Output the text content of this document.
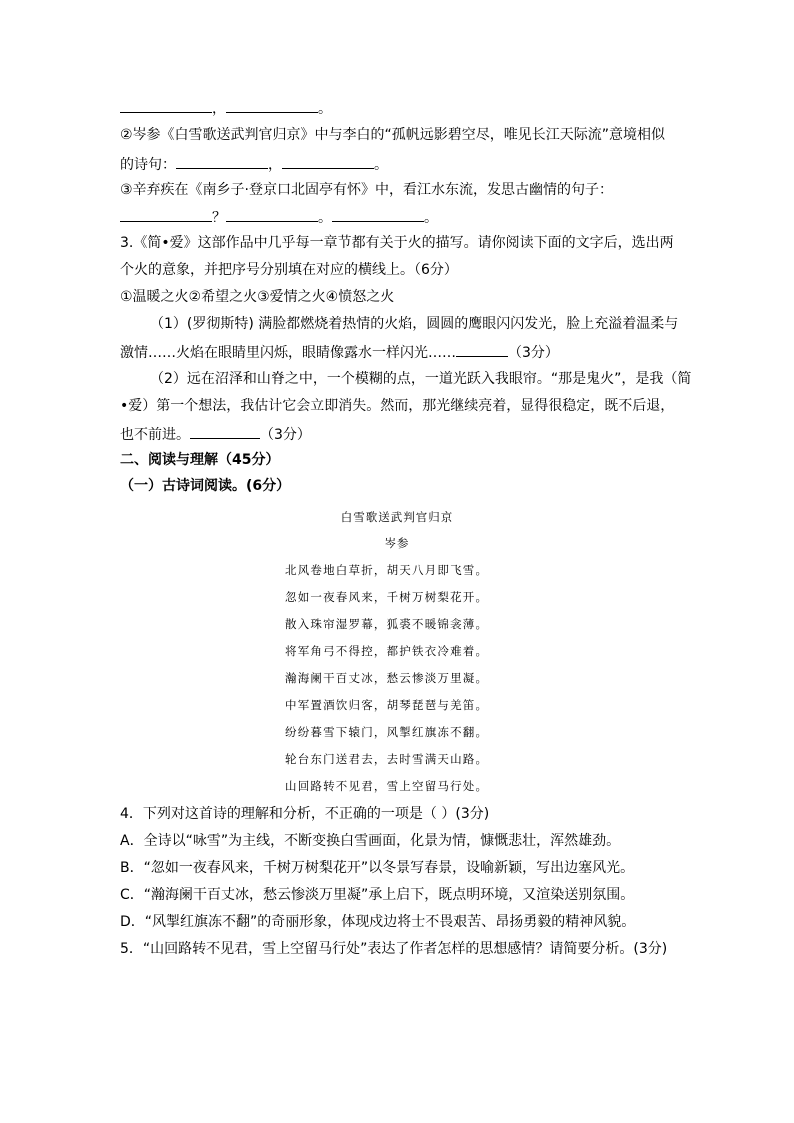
，	。
②岑参《白雪歌送武判官归京》中与李白的“孤帆远影碧空尽，唯见长江天际流”意境相似
的诗句：	，	。
③辛弃疾在《南乡子·登京口北固亭有怀》中，看江水东流，发思古幽情的句子：
？	。	。
3.《简•爱》这部作品中几乎每一章节都有关于火的描写。请你阅读下面的文字后，选出两
个火的意象，并把序号分别填在对应的横线上。（6分）
①温暖之火②希望之火③爱情之火④愤怒之火
（1）(罗彻斯特) 满脸都燃烧着热情的火焰，圆圆的鹰眼闪闪发光，脸上充溢着温柔与
激情……火焰在眼睛里闪烁，眼睛像露水一样闪光……	（3分）
（2）远在沼泽和山脊之中，一个模糊的点，一道光跃入我眼帘。“那是鬼火”，是我（简
•爱）第一个想法，我估计它会立即消失。然而，那光继续亮着，显得很稳定，既不后退，
也不前进。	（3分）
二、阅读与理解（45分）
（一）古诗词阅读。(6分）
白雪歌送武判官归京
岑参
北风卷地白草折，胡天八月即飞雪。
忽如一夜春风来，千树万树梨花开。
散入珠帘湿罗幕，狐裘不暖锦衾薄。
将军角弓不得控，都护铁衣冷难着。
瀚海阑干百丈冰，愁云惨淡万里凝。
中军置酒饮归客，胡琴琵琶与羌笛。
纷纷暮雪下辕门，风掣红旗冻不翻。
轮台东门送君去，去时雪满天山路。
山回路转不见君，雪上空留马行处。
4．下列对这首诗的理解和分析，不正确的一项是（ ）(3分)
A．全诗以“咏雪”为主线，不断变换白雪画面，化景为情，慷慨悲壮，浑然雄劲。
B．“忽如一夜春风来，千树万树梨花开”以冬景写春景，设喻新颖，写出边塞风光。
C．“瀚海阑干百丈冰，愁云惨淡万里凝”承上启下，既点明环境，又渲染送别氛围。
D．“风掣红旗冻不翻”的奇丽形象，体现戍边将士不畏艰苦、昂扬勇毅的精神风貌。
5．“山回路转不见君，雪上空留马行处”表达了作者怎样的思想感情？请简要分析。(3分)
